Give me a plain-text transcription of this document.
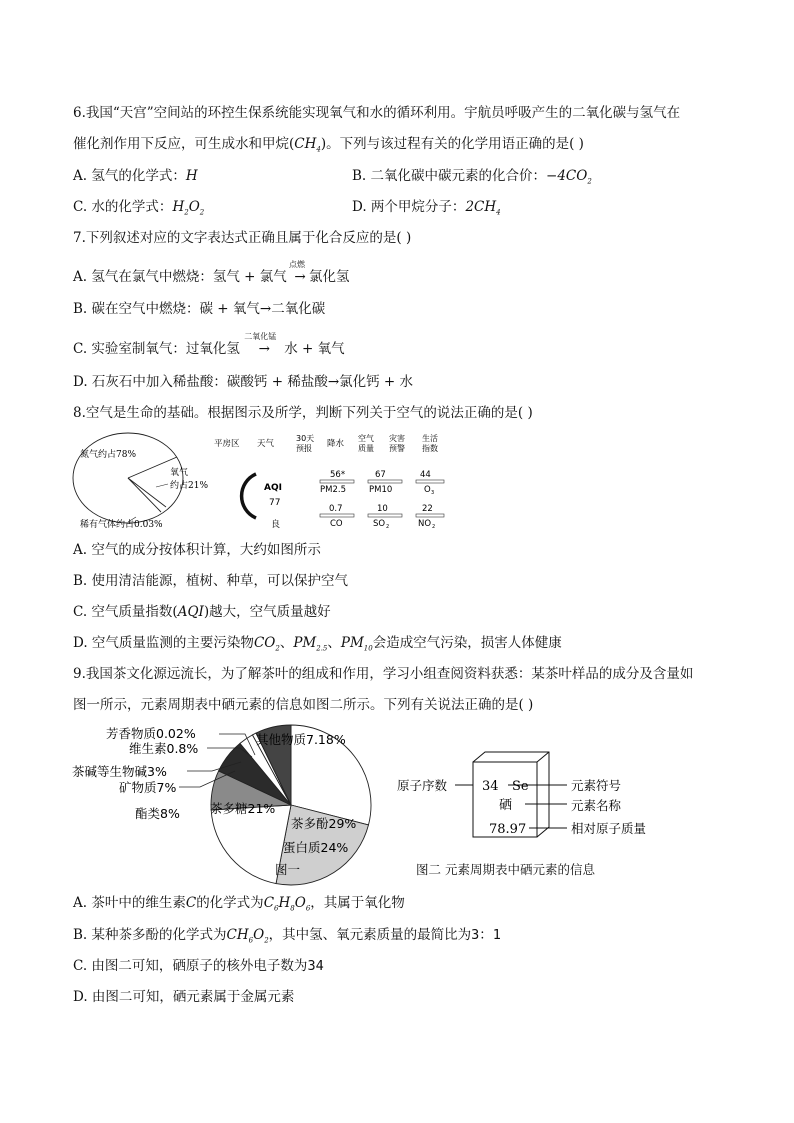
6.我国“天宫”空间站的环控生保系统能实现氧气和水的循环利用。宇航员呼吸产生的二氧化碳与氢气在
催化剂作用下反应，可生成水和甲烷$(CH_4)$。下列与该过程有关的化学用语正确的是( )
A. 氢气的化学式：H	B. 二氧化碳中碳元素的化合价：$-4CO_2$
C. 水的化学式：$H_2O_2$	D. 两个甲烷分子：$2CH_4$
7.下列叙述对应的文字表达式正确且属于化合反应的是( )
A. 氢气在氯气中燃烧：氢气 + 氯气
点燃
→ 氯化氢
B. 碳在空气中燃烧：碳 + 氧气→二氧化碳
C. 实验室制氧气：过氧化氢
二氧化锰
→ 水 + 氧气
D. 石灰石中加入稀盐酸：碳酸钙 + 稀盐酸→氯化钙 + 水
8.空气是生命的基础。根据图示及所学，判断下列关于空气的说法正确的是( )
氮气约占78%
氧气
约占21%
稀有气体约占0.03%
平房区 天气
30天
预报 降水
空气
质量
灾害
预警
生活
指数
AQI
77
良
56*
PM2.5
67
PM10
44
O 3
0.7
CO
10
SO 2
22
NO 2
A. 空气的成分按体积计算，大约如图所示
B. 使用清洁能源，植树、种草，可以保护空气
C. 空气质量指数(AQI)越大，空气质量越好
D. 空气质量监测的主要污染物$CO_2$、$PM_{2.5}$、$PM_{10}$会造成空气污染，损害人体健康
9.我国茶文化源远流长，为了解茶叶的组成和作用，学习小组查阅资料获悉：某茶叶样品的成分及含量如
图一所示，元素周期表中硒元素的信息如图二所示。下列有关说法正确的是( )
茶多酚29%
蛋白质24%
茶多糖21%
酯类8%
矿物质7%
茶碱等生物碱3%
维生素0.8%
芳香物质0.02%	其他物质7.18%
图一
34 Se
硒
78.97
原子序数	元素符号
元素名称
相对原子质量
图二 元素周期表中硒元素的信息
A. 茶叶中的维生素C的化学式为$C_6H_8O_6$，其属于氧化物
B. 某种茶多酚的化学式为$CH_6O_2$，其中氢、氧元素质量的最简比为3：1
C. 由图二可知，硒原子的核外电子数为34
D. 由图二可知，硒元素属于金属元素
